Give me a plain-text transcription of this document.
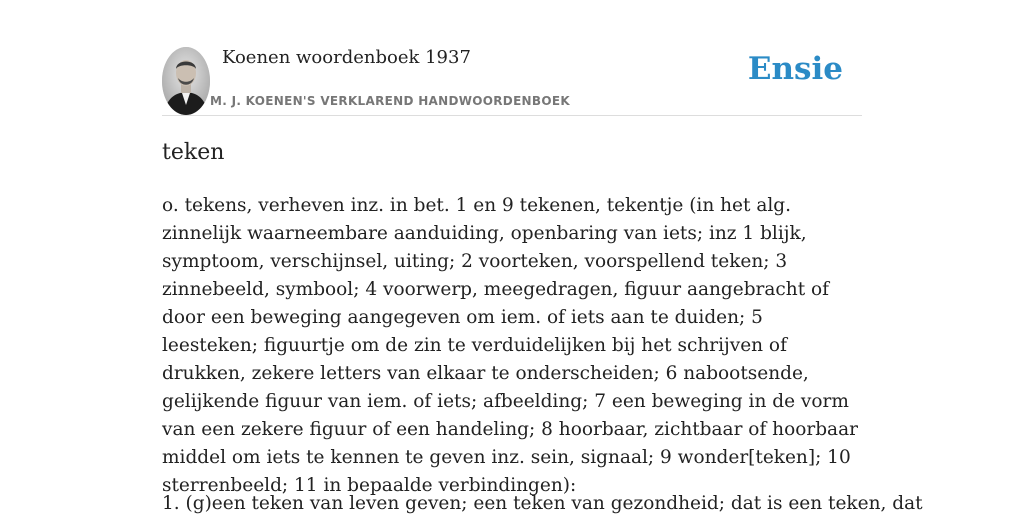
Koenen woordenboek 1937
M. J. KOENEN'S VERKLAREND HANDWOORDENBOEK
Ensie
teken

o. tekens, verheven inz. in bet. 1 en 9 tekenen, tekentje (in het alg. zinnelijk waarneembare aanduiding, openbaring van iets; inz 1 blijk, symptoom, verschijnsel, uiting; 2 voorteken, voorspellend teken; 3 zinnebeeld, symbool; 4 voorwerp, meegedragen, figuur aangebracht of door een beweging aangegeven om iem. of iets aan te duiden; 5 leesteken; figuurtje om de zin te verduidelijken bij het schrijven of drukken, zekere letters van elkaar te onderscheiden; 6 nabootsende, gelijkende figuur van iem. of iets; afbeelding; 7 een beweging in de vorm van een zekere figuur of een handeling; 8 hoorbaar, zichtbaar of hoorbaar middel om iets te kennen te geven inz. sein, signaal; 9 wonder[teken]; 10 sterrenbeeld; 11 in bepaalde verbindingen):

1. (g)een teken van leven geven; een teken van gezondheid; dat is een teken, dat
